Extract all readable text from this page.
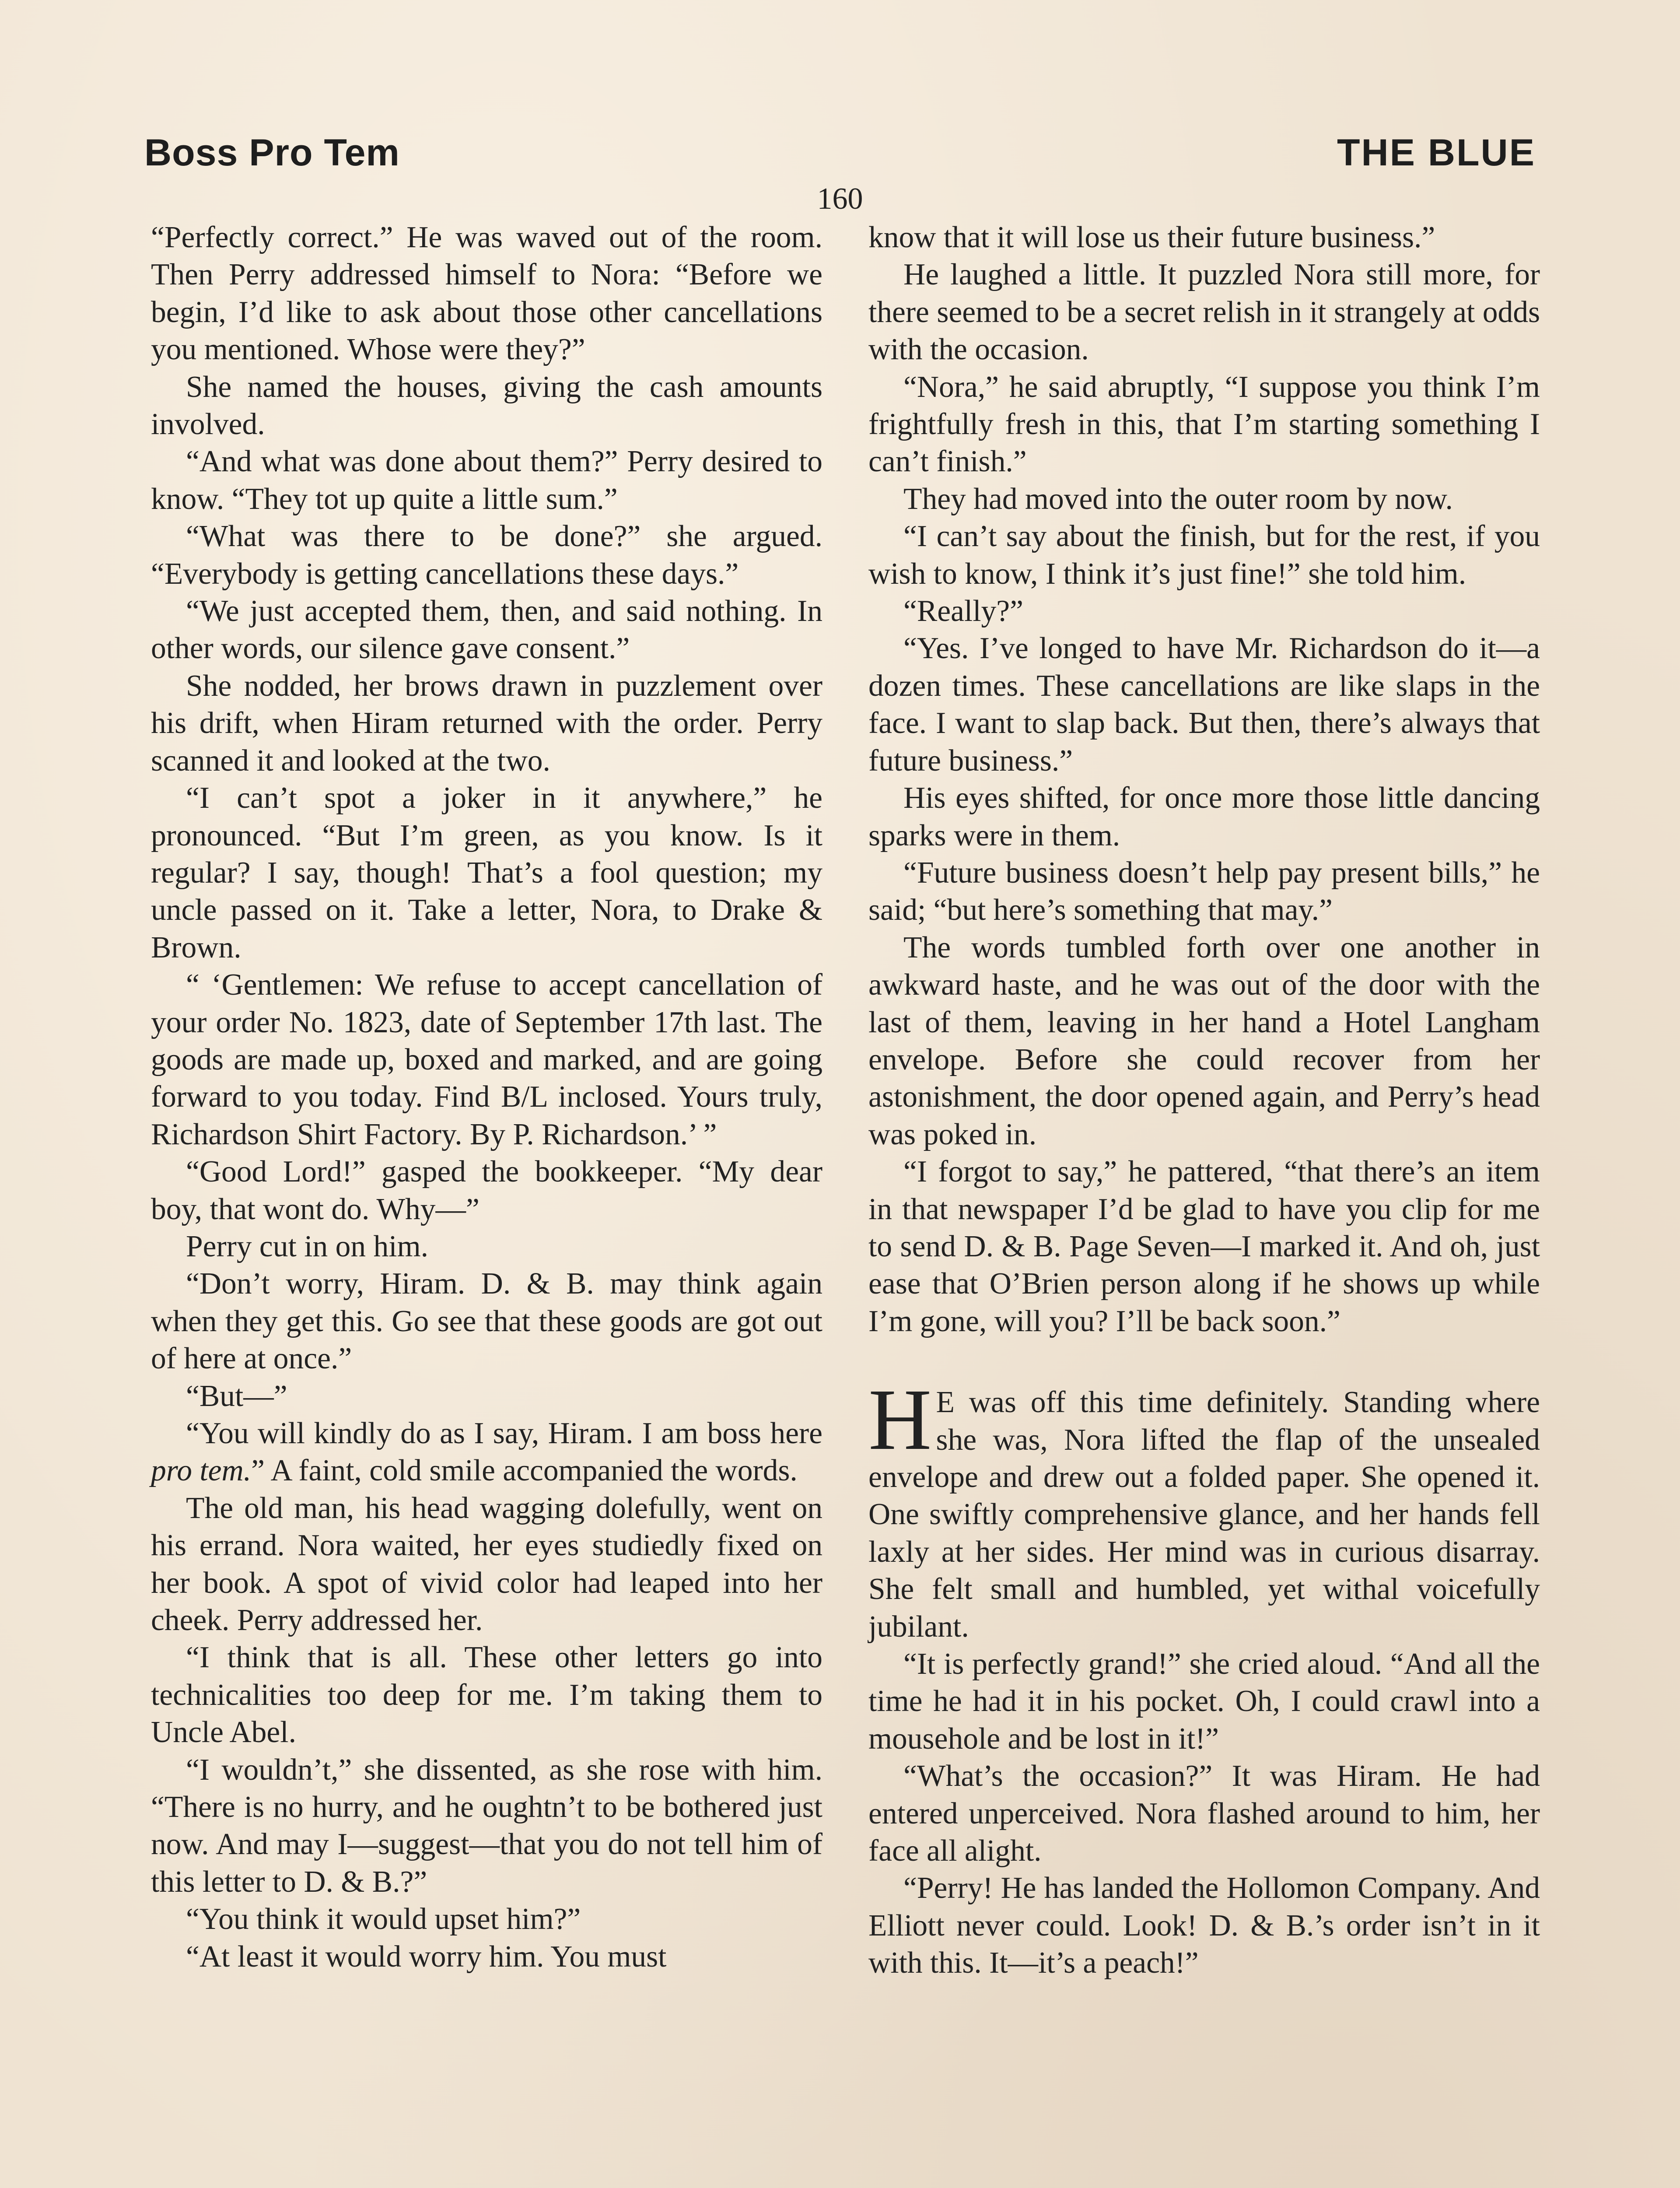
Boss Pro Tem	THE BLUE
160

“Perfectly correct.” He was waved out of the room. Then Perry addressed himself to Nora: “Before we begin, I’d like to ask about those other cancellations you mentioned. Whose were they?”

She named the houses, giving the cash amounts involved.

“And what was done about them?” Perry desired to know. “They tot up quite a little sum.”

“What was there to be done?” she argued. “Everybody is getting cancellations these days.”

“We just accepted them, then, and said nothing. In other words, our silence gave consent.”

She nodded, her brows drawn in puzzlement over his drift, when Hiram returned with the order. Perry scanned it and looked at the two.

“I can’t spot a joker in it anywhere,” he pronounced. “But I’m green, as you know. Is it regular? I say, though! That’s a fool question; my uncle passed on it. Take a letter, Nora, to Drake & Brown.

“ ‘Gentlemen: We refuse to accept cancellation of your order No. 1823, date of September 17th last. The goods are made up, boxed and marked, and are going forward to you today. Find B/L inclosed. Yours truly, Richardson Shirt Factory. By P. Richardson.’ ”

“Good Lord!” gasped the bookkeeper. “My dear boy, that wont do. Why—”

Perry cut in on him.

“Don’t worry, Hiram. D. & B. may think again when they get this. Go see that these goods are got out of here at once.”

“But—”

“You will kindly do as I say, Hiram. I am boss here pro tem.” A faint, cold smile accompanied the words.

The old man, his head wagging dolefully, went on his errand. Nora waited, her eyes studiedly fixed on her book. A spot of vivid color had leaped into her cheek. Perry addressed her.

“I think that is all. These other letters go into technicalities too deep for me. I’m taking them to Uncle Abel.

“I wouldn’t,” she dissented, as she rose with him. “There is no hurry, and he oughtn’t to be bothered just now. And may I—suggest—that you do not tell him of this letter to D. & B.?”

“You think it would upset him?”

“At least it would worry him. You must

know that it will lose us their future business.”

He laughed a little. It puzzled Nora still more, for there seemed to be a secret relish in it strangely at odds with the occasion.

“Nora,” he said abruptly, “I suppose you think I’m frightfully fresh in this, that I’m starting something I can’t finish.”

They had moved into the outer room by now.

“I can’t say about the finish, but for the rest, if you wish to know, I think it’s just fine!” she told him.

“Really?”

“Yes. I’ve longed to have Mr. Richardson do it—a dozen times. These cancellations are like slaps in the face. I want to slap back. But then, there’s always that future business.”

His eyes shifted, for once more those little dancing sparks were in them.

“Future business doesn’t help pay present bills,” he said; “but here’s something that may.”

The words tumbled forth over one another in awkward haste, and he was out of the door with the last of them, leaving in her hand a Hotel Langham envelope. Before she could recover from her astonishment, the door opened again, and Perry’s head was poked in.

“I forgot to say,” he pattered, “that there’s an item in that newspaper I’d be glad to have you clip for me to send D. & B. Page Seven—I marked it. And oh, just ease that O’Brien person along if he shows up while I’m gone, will you? I’ll be back soon.”

H E was off this time definitely. Standing where she was, Nora lifted the flap of the unsealed envelope and drew out a folded paper. She opened it. One swiftly comprehensive glance, and her hands fell laxly at her sides. Her mind was in curious disarray. She felt small and humbled, yet withal voicefully jubilant.

“It is perfectly grand!” she cried aloud. “And all the time he had it in his pocket. Oh, I could crawl into a mousehole and be lost in it!”

“What’s the occasion?” It was Hiram. He had entered unperceived. Nora flashed around to him, her face all alight.

“Perry! He has landed the Hollomon Company. And Elliott never could. Look! D. & B.’s order isn’t in it with this. It—it’s a peach!”
